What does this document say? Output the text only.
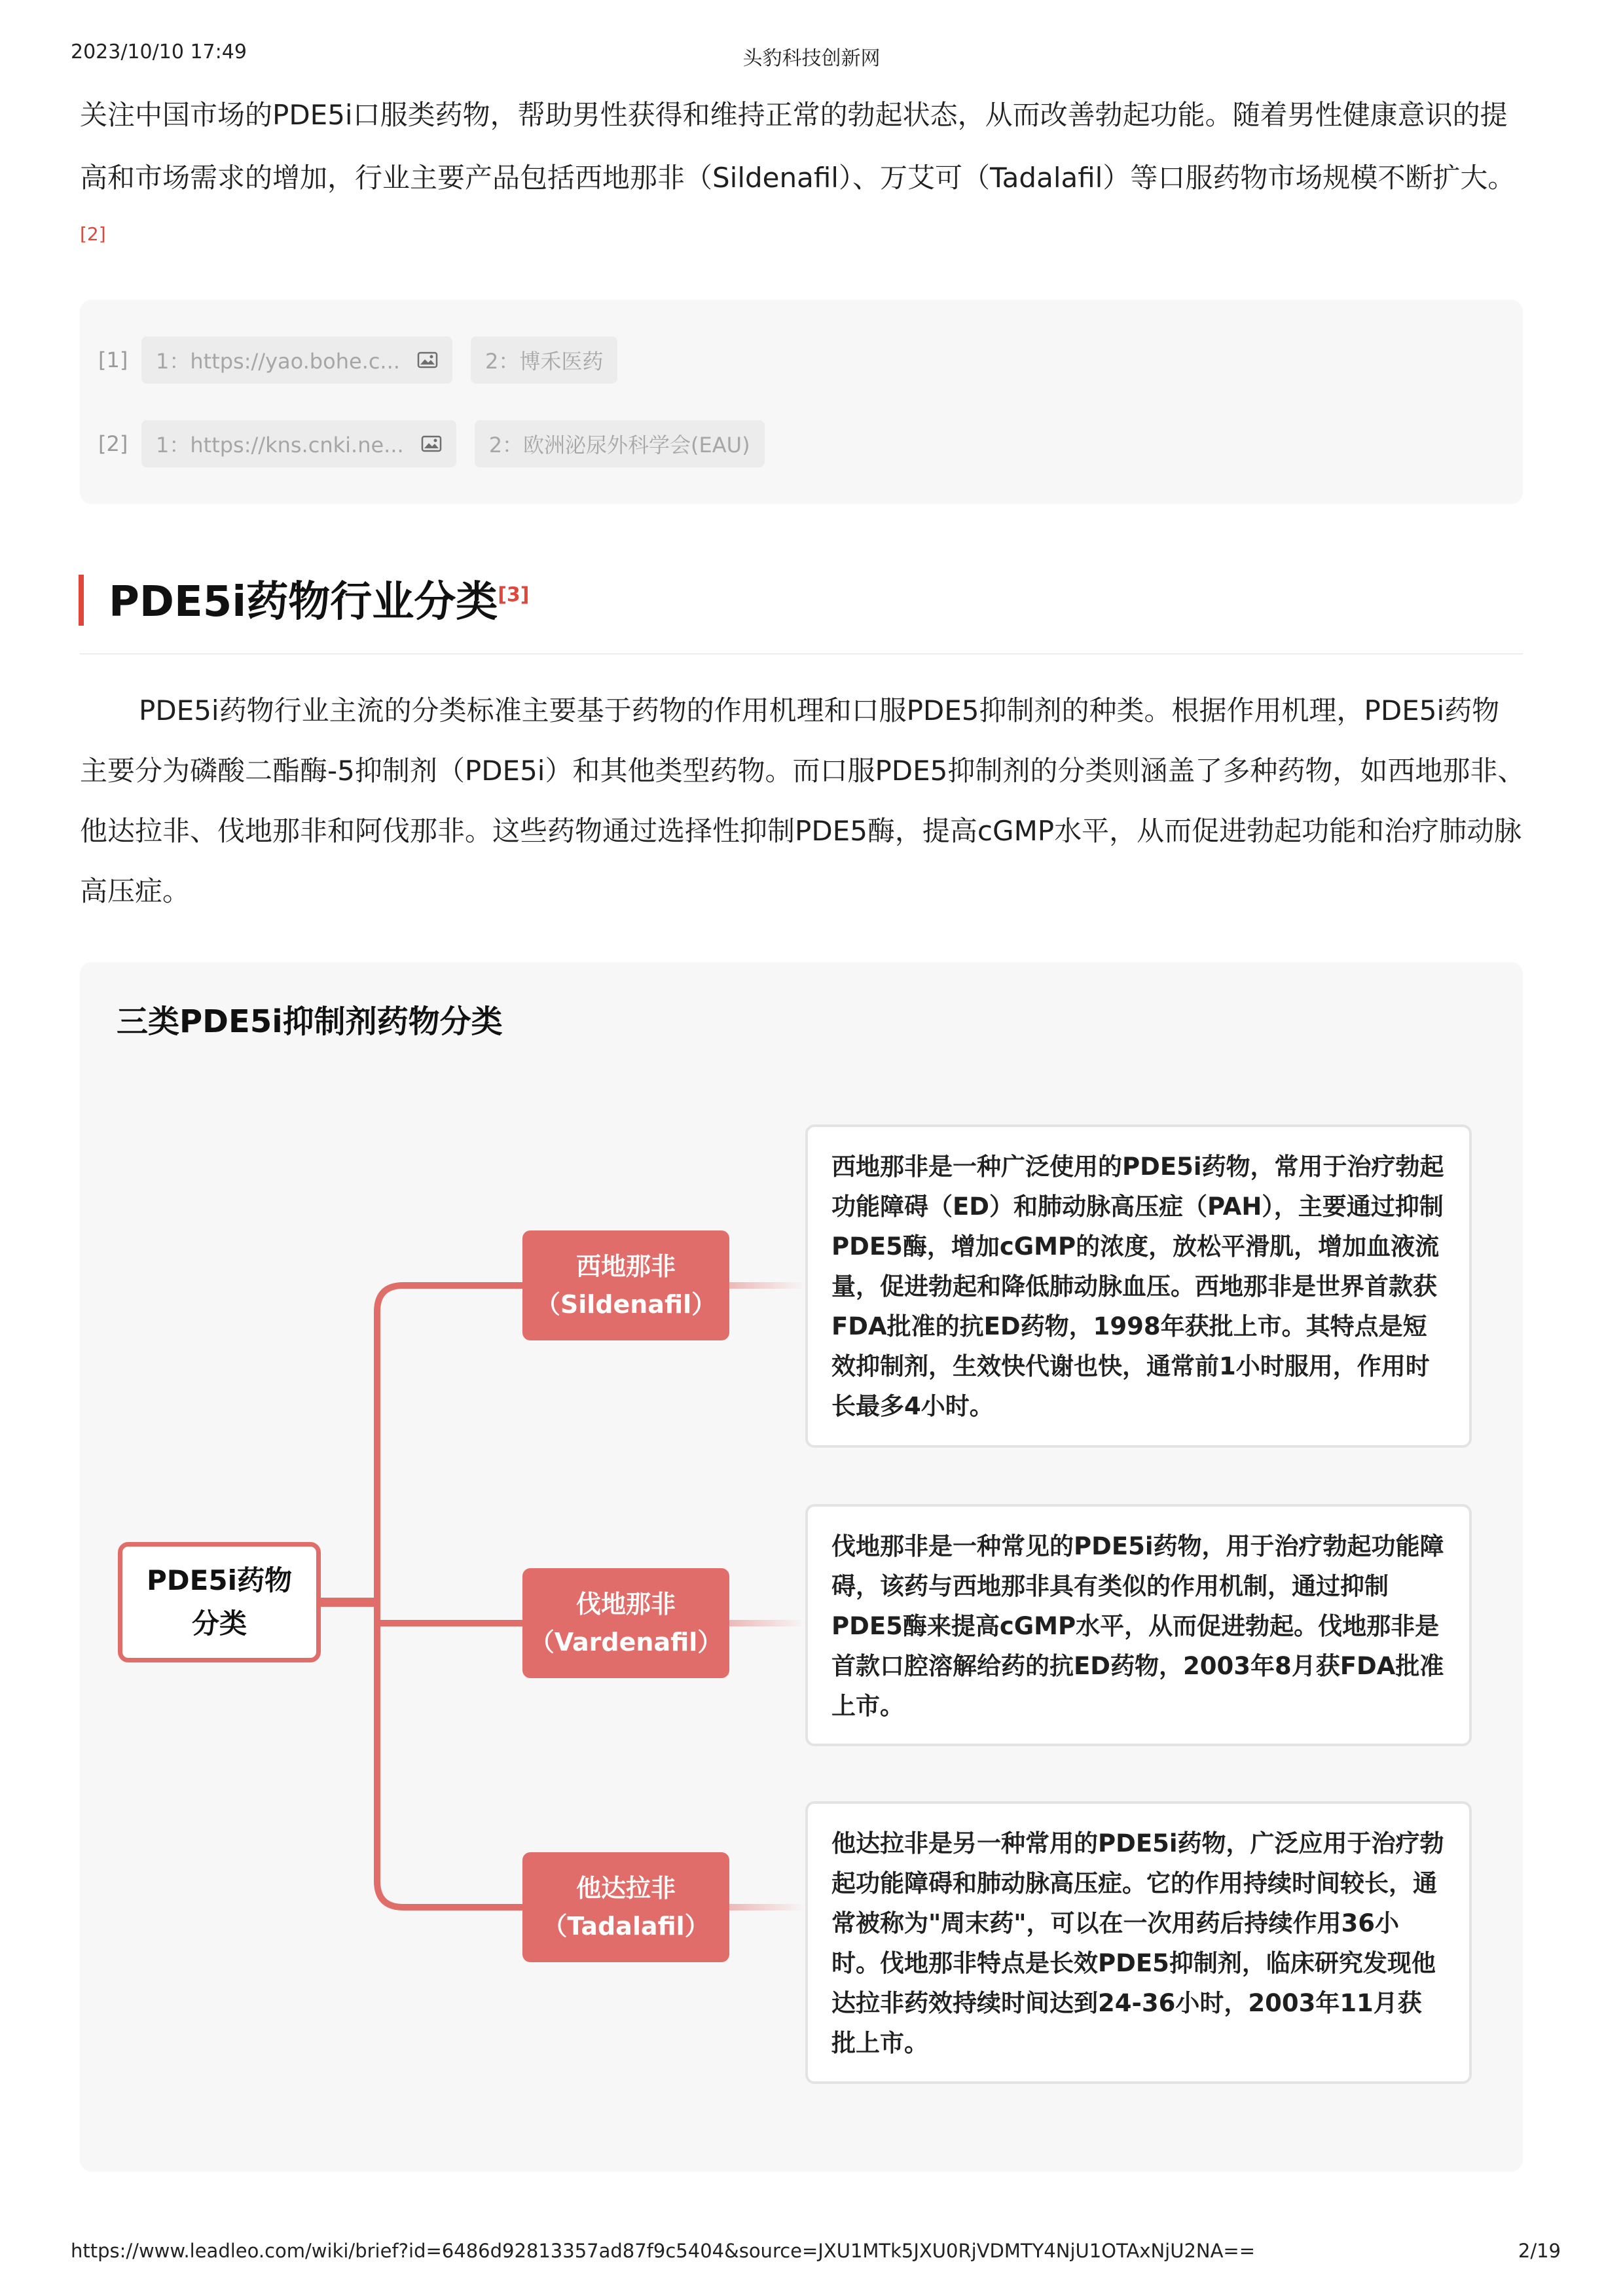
2023/10/10 17:49	头豹科技创新网
关注中国市场的PDE5i口服类药物，帮助男性获得和维持正常的勃起状态，从而改善勃起功能。随着男性健康意识的提高和市场需求的增加，行业主要产品包括西地那非（Sildenafil）、万艾可（Tadalafil）等口服药物市场规模不断扩大。 [2]
[1]	1：https://yao.bohe.c...	2：博禾医药
[2]	1：https://kns.cnki.ne...	2：欧洲泌尿外科学会(EAU)
PDE5i药物行业分类[3]
PDE5i药物行业主流的分类标准主要基于药物的作用机理和口服PDE5抑制剂的种类。根据作用机理，PDE5i药物主要分为磷酸二酯酶-5抑制剂（PDE5i）和其他类型药物。而口服PDE5抑制剂的分类则涵盖了多种药物，如西地那非、他达拉非、伐地那非和阿伐那非。这些药物通过选择性抑制PDE5酶，提高cGMP水平，从而促进勃起功能和治疗肺动脉高压症。
三类PDE5i抑制剂药物分类
PDE5i药物分类
西地那非
（Sildenafil）
伐地那非
（Vardenafil）
他达拉非
（Tadalafil）
西地那非是一种广泛使用的PDE5i药物，常用于治疗勃起功能障碍（ED）和肺动脉高压症（PAH），主要通过抑制PDE5酶，增加cGMP的浓度，放松平滑肌，增加血液流量，促进勃起和降低肺动脉血压。西地那非是世界首款获FDA批准的抗ED药物，1998年获批上市。其特点是短效抑制剂，生效快代谢也快，通常前1小时服用，作用时长最多4小时。
伐地那非是一种常见的PDE5i药物，用于治疗勃起功能障碍，该药与西地那非具有类似的作用机制，通过抑制PDE5酶来提高cGMP水平，从而促进勃起。伐地那非是首款口腔溶解给药的抗ED药物，2003年8月获FDA批准上市。
他达拉非是另一种常用的PDE5i药物，广泛应用于治疗勃起功能障碍和肺动脉高压症。它的作用持续时间较长，通常被称为"周末药"，可以在一次用药后持续作用36小时。伐地那非特点是长效PDE5抑制剂，临床研究发现他达拉非药效持续时间达到24-36小时，2003年11月获批上市。
https://www.leadleo.com/wiki/brief?id=6486d92813357ad87f9c5404&source=JXU1MTk5JXU0RjVDMTY4NjU1OTAxNjU2NA==	2/19
